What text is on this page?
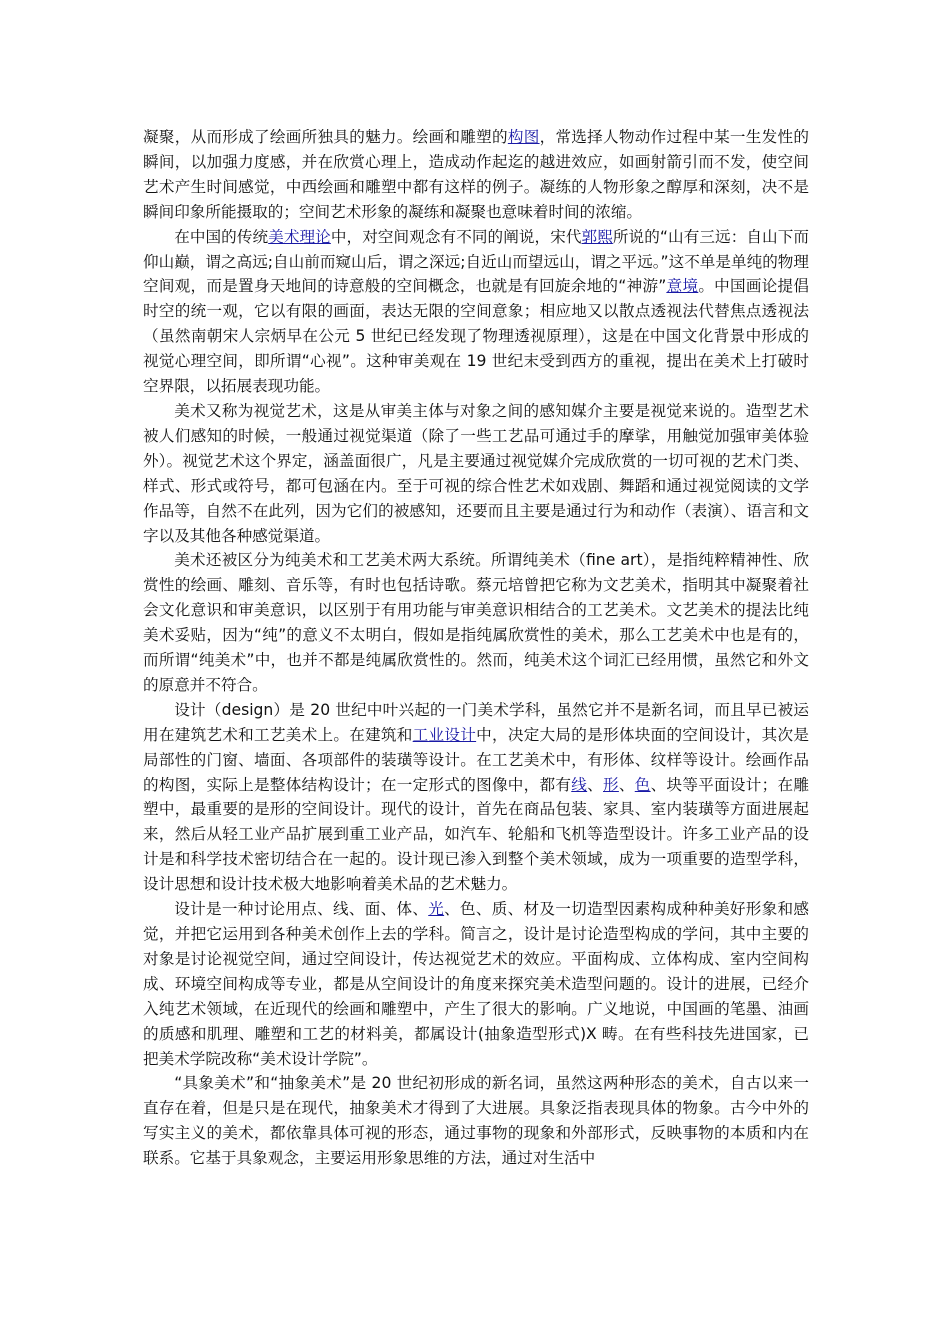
凝聚，从而形成了绘画所独具的魅力。绘画和雕塑的构图，常选择人物动作过程中某一生发性的瞬间，以加强力度感，并在欣赏心理上，造成动作起迄的越进效应，如画射箭引而不发，使空间艺术产生时间感觉，中西绘画和雕塑中都有这样的例子。凝练的人物形象之醇厚和深刻，决不是瞬间印象所能摄取的；空间艺术形象的凝练和凝聚也意味着时间的浓缩。

在中国的传统美术理论中，对空间观念有不同的阐说，宋代郭熙所说的“山有三远：自山下而仰山巅，谓之高远;自山前而窥山后，谓之深远;自近山而望远山，谓之平远。”这不单是单纯的物理空间观，而是置身天地间的诗意般的空间概念，也就是有回旋余地的“神游”意境。中国画论提倡时空的统一观，它以有限的画面，表达无限的空间意象；相应地又以散点透视法代替焦点透视法（虽然南朝宋人宗炳早在公元 5 世纪已经发现了物理透视原理），这是在中国文化背景中形成的视觉心理空间，即所谓“心视”。这种审美观在 19 世纪末受到西方的重视，提出在美术上打破时空界限，以拓展表现功能。

美术又称为视觉艺术，这是从审美主体与对象之间的感知媒介主要是视觉来说的。造型艺术被人们感知的时候，一般通过视觉渠道（除了一些工艺品可通过手的摩挲，用触觉加强审美体验外）。视觉艺术这个界定，涵盖面很广，凡是主要通过视觉媒介完成欣赏的一切可视的艺术门类、样式、形式或符号，都可包涵在内。至于可视的综合性艺术如戏剧、舞蹈和通过视觉阅读的文学作品等，自然不在此列，因为它们的被感知，还要而且主要是通过行为和动作（表演）、语言和文字以及其他各种感觉渠道。

美术还被区分为纯美术和工艺美术两大系统。所谓纯美术（fine art），是指纯粹精神性、欣赏性的绘画、雕刻、音乐等，有时也包括诗歌。蔡元培曾把它称为文艺美术，指明其中凝聚着社会文化意识和审美意识，以区别于有用功能与审美意识相结合的工艺美术。文艺美术的提法比纯美术妥贴，因为“纯”的意义不太明白，假如是指纯属欣赏性的美术，那么工艺美术中也是有的，而所谓“纯美术”中，也并不都是纯属欣赏性的。然而，纯美术这个词汇已经用惯，虽然它和外文的原意并不符合。

设计（design）是 20 世纪中叶兴起的一门美术学科，虽然它并不是新名词，而且早已被运用在建筑艺术和工艺美术上。在建筑和工业设计中，决定大局的是形体块面的空间设计，其次是局部性的门窗、墙面、各项部件的装璜等设计。在工艺美术中，有形体、纹样等设计。绘画作品的构图，实际上是整体结构设计；在一定形式的图像中，都有线、形、色、块等平面设计；在雕塑中，最重要的是形的空间设计。现代的设计，首先在商品包装、家具、室内装璜等方面进展起来，然后从轻工业产品扩展到重工业产品，如汽车、轮船和飞机等造型设计。许多工业产品的设计是和科学技术密切结合在一起的。设计现已渗入到整个美术领域，成为一项重要的造型学科，设计思想和设计技术极大地影响着美术品的艺术魅力。

设计是一种讨论用点、线、面、体、光、色、质、材及一切造型因素构成种种美好形象和感觉，并把它运用到各种美术创作上去的学科。简言之，设计是讨论造型构成的学问，其中主要的对象是讨论视觉空间，通过空间设计，传达视觉艺术的效应。平面构成、立体构成、室内空间构成、环境空间构成等专业，都是从空间设计的角度来探究美术造型问题的。设计的进展，已经介入纯艺术领域，在近现代的绘画和雕塑中，产生了很大的影响。广义地说，中国画的笔墨、油画的质感和肌理、雕塑和工艺的材料美，都属设计(抽象造型形式)X 畴。在有些科技先进国家，已把美术学院改称“美术设计学院”。

“具象美术”和“抽象美术”是 20 世纪初形成的新名词，虽然这两种形态的美术，自古以来一直存在着，但是只是在现代，抽象美术才得到了大进展。具象泛指表现具体的物象。古今中外的写实主义的美术，都依靠具体可视的形态，通过事物的现象和外部形式，反映事物的本质和内在联系。它基于具象观念，主要运用形象思维的方法，通过对生活中
